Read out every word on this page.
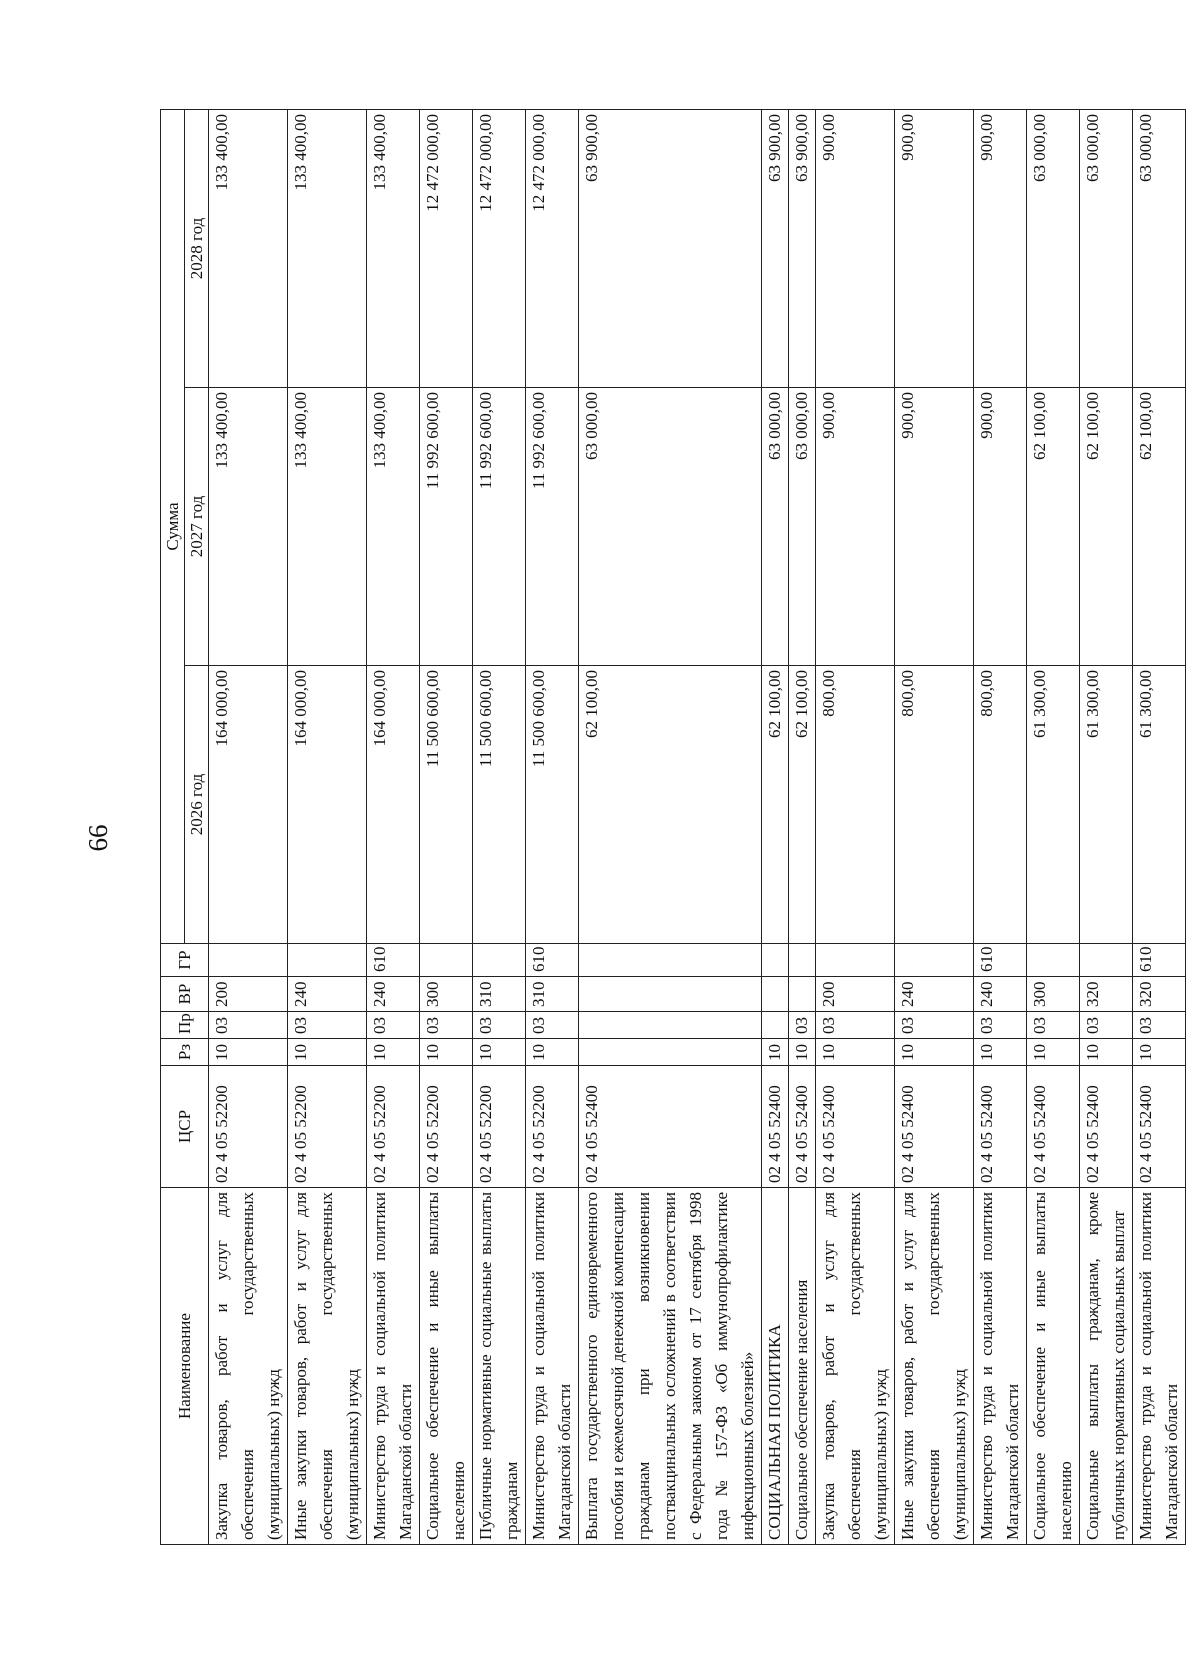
66
Наименование	ЦСР	Рз	Пр	ВР	ГР	Сумма		
						2026 год	2027 год	2028 год
Закупка товаров, работ и услуг для обеспечения государственных (муниципальных) нужд	02 4 05 52200	10	03	200		164 000,00	133 400,00	133 400,00
Иные закупки товаров, работ и услуг для обеспечения государственных (муниципальных) нужд	02 4 05 52200	10	03	240		164 000,00	133 400,00	133 400,00
Министерство труда и социальной политики Магаданской области	02 4 05 52200	10	03	240	610	164 000,00	133 400,00	133 400,00
Социальное обеспечение и иные выплаты населению	02 4 05 52200	10	03	300		11 500 600,00	11 992 600,00	12 472 000,00
Публичные нормативные социальные выплаты гражданам	02 4 05 52200	10	03	310		11 500 600,00	11 992 600,00	12 472 000,00
Министерство труда и социальной политики Магаданской области	02 4 05 52200	10	03	310	610	11 500 600,00	11 992 600,00	12 472 000,00
Выплата государственного единовременного пособия и ежемесячной денежной компенсации гражданам при возникновении поствакцинальных осложнений в соответствии с Федеральным законом от 17 сентября 1998 года № 157-ФЗ «Об иммунопрофилактике инфекционных болезней»	02 4 05 52400					62 100,00	63 000,00	63 900,00
СОЦИАЛЬНАЯ ПОЛИТИКА	02 4 05 52400	10				62 100,00	63 000,00	63 900,00
Социальное обеспечение населения	02 4 05 52400	10	03			62 100,00	63 000,00	63 900,00
Закупка товаров, работ и услуг для обеспечения государственных (муниципальных) нужд	02 4 05 52400	10	03	200		800,00	900,00	900,00
Иные закупки товаров, работ и услуг для обеспечения государственных (муниципальных) нужд	02 4 05 52400	10	03	240		800,00	900,00	900,00
Министерство труда и социальной политики Магаданской области	02 4 05 52400	10	03	240	610	800,00	900,00	900,00
Социальное обеспечение и иные выплаты населению	02 4 05 52400	10	03	300		61 300,00	62 100,00	63 000,00
Социальные выплаты гражданам, кроме публичных нормативных социальных выплат	02 4 05 52400	10	03	320		61 300,00	62 100,00	63 000,00
Министерство труда и социальной политики Магаданской области	02 4 05 52400	10	03	320	610	61 300,00	62 100,00	63 000,00
